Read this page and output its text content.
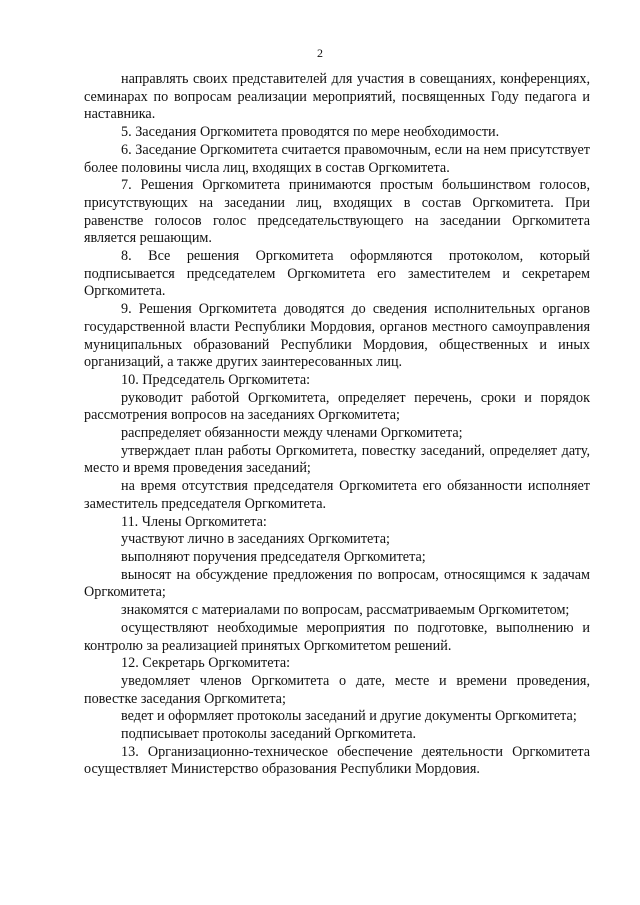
2

направлять своих представителей для участия в совещаниях, конференциях, семинарах по вопросам реализации мероприятий, посвященных Году педагога и наставника.

5. Заседания Оргкомитета проводятся по мере необходимости.

6. Заседание Оргкомитета считается правомочным, если на нем присутствует более половины числа лиц, входящих в состав Оргкомитета.

7. Решения Оргкомитета принимаются простым большинством голосов, присутствующих на заседании лиц, входящих в состав Оргкомитета. При равенстве голосов голос председательствующего на заседании Оргкомитета является решающим.

8. Все решения Оргкомитета оформляются протоколом, который подписывается председателем Оргкомитета его заместителем и секретарем Оргкомитета.

9. Решения Оргкомитета доводятся до сведения исполнительных органов государственной власти Республики Мордовия, органов местного самоуправления муниципальных образований Республики Мордовия, общественных и иных организаций, а также других заинтересованных лиц.

10. Председатель Оргкомитета:

руководит работой Оргкомитета, определяет перечень, сроки и порядок рассмотрения вопросов на заседаниях Оргкомитета;

распределяет обязанности между членами Оргкомитета;

утверждает план работы Оргкомитета, повестку заседаний, определяет дату, место и время проведения заседаний;

на время отсутствия председателя Оргкомитета его обязанности исполняет заместитель председателя Оргкомитета.

11. Члены Оргкомитета:

участвуют лично в заседаниях Оргкомитета;

выполняют поручения председателя Оргкомитета;

выносят на обсуждение предложения по вопросам, относящимся к задачам Оргкомитета;

знакомятся с материалами по вопросам, рассматриваемым Оргкомитетом;

осуществляют необходимые мероприятия по подготовке, выполнению и контролю за реализацией принятых Оргкомитетом решений.

12. Секретарь Оргкомитета:

уведомляет членов Оргкомитета о дате, месте и времени проведения, повестке заседания Оргкомитета;

ведет и оформляет протоколы заседаний и другие документы Оргкомитета;

подписывает протоколы заседаний Оргкомитета.

13. Организационно-техническое обеспечение деятельности Оргкомитета осуществляет Министерство образования Республики Мордовия.
